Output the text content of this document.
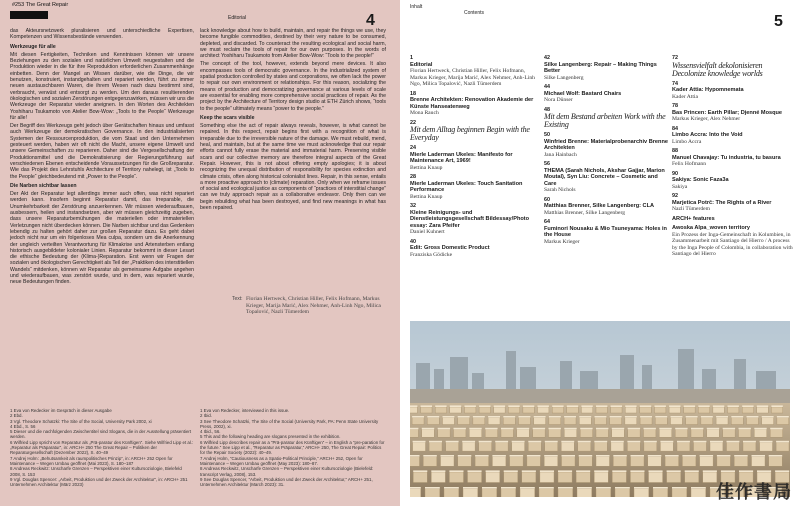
#253 The Great Repair
Editorial	4

das Akteursnetzwerk pluralisieren und unterschiedliche Expertisen, Kompetenzen und Wissensbestände verwenden.

Werkzeuge für alle

Mit diesen Fertigkeiten, Techniken und Kenntnissen können wir unsere Beziehungen zu den sozialen und natürlichen Umwelt neugestalten und die Produktion wieder in die für ihre Reproduktion erforderlichen Zusammenhänge einbetten. Denn der Mangel an Wissen darüber, wie die Dinge, die wir benutzen, konstruiert, instandgehalten und repariert werden, führt zu immer neuen austauschbaren Waren, die ihrem Wesen nach dazu bestimmt sind, verbraucht, verwüst und entsorgt zu werden. Um den daraus resultierenden ökologischen und sozialen Zerstörungen entgegenzuwirken, müssen wir uns die Werkzeuge der Reparatur wieder aneignen. In den Worten des Architekten Yoshiharu Tsukamoto von Atelier Bow-Wow: „Tools to the People“ Werkzeuge für alle!

Der Begriff des Werkzeugs geht jedoch über Gerätschaften hinaus und umfasst auch Werkzeuge der demokratischen Governance. In den industrialisierten Systemen der Ressourcenproduktion, die vom Staat und den Unternehmen gesteuert werden, haben wir oft nicht die Macht, unsere eigene Umwelt und unsere Gemeinschaften zu reparieren. Daher sind die Vergesellschaftung der Produktionsmittel und die Demokratisierung der Regierungsführung auf verschiedenen Ebenen entscheidende Voraussetzungen für die Großreparatur. Wie das Projekt des Lehrstuhls Architecture of Territory nahelegt, ist „Tools to the People“ gleichbedeutend mit „Power to the People“.

Die Narben sichtbar lassen

Der Akt der Reparatur legt allerdings immer auch offen, was nicht repariert werden kann. Insofern beginnt Reparatur damit, das Irreparable, die Unumkehrbarkeit der Zerstörung anzuerkennen. Wir müssen wiederaufbauen, ausbessern, heilen und instandsetzen, aber wir müssen gleichzeitig zugeben, dass unsere Reparaturbemühungen die materiellen oder immateriellen Verletzungen nicht überdecken können. Die Narben sichtbar und das Gedenken lebendig zu halten gehört daher zur großen Reparatur dazu. Es geht dabei jedoch nicht nur um ein folgenloses Mea culpa, sondern um die Anerkennung der ungleich verteilten Verantwortung für Klimakrise und Artensterben entlang historisch ausgebildeter kolonialer Linien. Reparatur bekommt in dieser Lesart die ethische Bedeutung der (Klima-)Reparation. Erst wenn wir Fragen der sozialen und ökologischen Gerechtigkeit als Teil der „Praktiken des interstitiellen Wandels“ mitdenken, können wir Reparatur als gemeinsame Aufgabe angehen und wiederaufbauen, was zerstört wurde, und in dem, was repariert wurde, neue Bedeutungen finden.

lack knowledge about how to build, maintain, and repair the things we use, they become fungible commodities, destined by their very nature to be consumed, depleted, and discarded. To counteract the resulting ecological and social harm, we must reclaim the tools of repair for our own purposes. In the words of architect Yoshiharu Tsukamoto from Atelier Bow-Wow: “Tools to the people!”

The concept of the tool, however, extends beyond mere devices. It also encompasses tools of democratic governance. In the industrialized system of spatial production controlled by states and corporations, we often lack the power to repair our own environment or relationships. For this reason, socializing the means of production and democratizing governance at various levels of scale are essential for enabling more comprehensive social practices of repair. As the project by the Architecture of Territory design studio at ETH Zürich shows, “tools to the people” ultimately means “power to the people.”

Keep the scars visible

Something else the act of repair always reveals, however, is what cannot be repaired. In this respect, repair begins first with a recognition of what is irreparable due to the irreversible nature of the damage. We must rebuild, mend, heal, and maintain, but at the same time we must acknowledge that our repair efforts cannot fully erase the material and immaterial harm. Preserving visible scars and our collective memory are therefore integral aspects of the Great Repair. However, this is not about offering empty apologies; it is about recognizing the unequal distribution of responsibility for species extinction and climate crisis, often along historical colonialist lines. Repair, in this sense, entails a more proactive approach to (climate) reparation. Only when we reframe issues of social and ecological justice as components of “practices of interstitial change” can we truly approach repair as a collaborative endeavor. Only then can we begin rebuilding what has been destroyed, and find new meanings in what has been repaired.

Text: Florian Hertweck, Christian Hiller, Felix Hofmann, Markus Krieger, Marija Marić, Alex Nehmer, Anh-Linh Ngo, Milica Topalović, Nazli Tümerdem
1 Eva von Redecker im Gespräch in dieser Ausgabe
2 Ebd.
3 Vgl. Theodore Schatzki: The Site of the Social, University Park 2002, xi
4 Ebd., S. 56
5 Dieser und die nachfolgenden Zwischentitel sind Slogans, die in der Ausstellung präsentiert werden.
6 Wilfried Lipp spricht von Reparatur als „Prä-paratur des Künftigen“. Siehe Wilfried Lipp et al.: „Reparatur als Präparatur“, in: ARCH+ 250 The Great Repair – Politiken der Reparaturgesellschaft (Dezember 2022), S. 40–49
7 Andrej Holm: „Behutsamkeit als raumpolitisches Prinzip“, in: ARCH+ 252 Open for Maintenance – Wegen Umbau geöffnet (Mai 2023), S. 180–187
8 Andreas Reckwitz: Unscharfe Grenzen – Perspektiven einer Kultursoziologie, Bielefeld 2008, S. 153
9 Vgl. Douglas Spencer: „Arbeit, Produktion und der Zweck der Architektur“, in: ARCH+ 251 Unternehmen Architektur (März 2023)
1 Eva von Redecker, interviewed in this issue.
2 Ibid.
3 See Theodore Schatzki, The Site of the Social (University Park, PA: Penn State University Press, 2002), xi.
4 Ibid., 56.
5 This and the following heading are slogans presented in the exhibition.
6 Wilfried Lipp describes repair as a “Prä-paratur des Künftigen” – in English a “pre-paration for the future.” See Lipp et al., “Reparatur as Präparatur,” ARCH+ 250, The Great Repair: Politics for the Repair Society (2022): 40–49.
7 Andrej Holm, “Cautiousness as a Spatio-Political Principle,” ARCH+ 252, Open for Maintenance – Wegen Umbau geöffnet (May 2023): 180–87.
8 Andreas Reckwitz, Unscharfe Grenzen – Perspektiven einer Kultursoziologie (Bielefeld: transcript Verlag, 2008), 153.
9 See Douglas Spencer, “Arbeit, Produktion und der Zweck der Architektur,” ARCH+ 251, Unternehmen Architektur (March 2023): 31.
Inhalt
Contents	5
1
Editorial
Florian Hertweck, Christian Hiller, Felix Hofmann, Markus Krieger, Marija Marić, Alex Nehmer, Anh-Linh Ngo, Milica Topalović, Nazli Tümerdem
18
Brenne Architekten: Renovation Akademie der Künste Hanseatenweg
Mona Rauch
22
Mit dem Alltag beginnen Begin with the Everyday
24
Mierle Laderman Ukeles: Manifesto for Maintenance Art, 1969!
Bettina Knaup
28
Mierle Laderman Ukeles: Touch Sanitation Performance
Bettina Knaup
32
Kleine Reinigungs- und Dienstleistungsgesellschaft Bildessay/Photo essay: Zara Pfeifer
Daniel Kuhnert
40
Edit: Gross Domestic Product
Franziska Gödicke
42
Silke Langenberg: Repair – Making Things Better
Silke Langenberg
44
Michael Wolf: Bastard Chairs
Nora Dünser
48
Mit dem Bestand arbeiten Work with the Existing
50
Winfried Brenne: Materialprobenarchiv Brenne Architekten
Jana Hainbach
56
THEMA (Sarah Nichols, Akshar Gajjar, Marion Moutal), Syn Liu: Concrete – Cosmetic and Care
Sarah Nichols
60
Matthias Brenner, Silke Langenberg: CLA
Matthias Brenner, Silke Langenberg
64
Fuminori Nousaku & Mio Tsuneyama: Holes in the House
Markus Krieger
72
Wissensvielfalt dekolonisieren Decolonize knowledge worlds
74
Kader Attia: Hypomnemata
Kader Attia
78
Bas Princen: Earth Pillar; Djenné Mosque
Markus Krieger, Alex Nehmer
84
Limbo Accra: Into the Void
Limbo Accra
88
Manuel Chavajay: Tu industria, tu basura
Felix Hofmann
90
Sakiya: Sonic Faza3a
Sakiya
92
Marjetica Potrč: The Rights of a River
Nazli Tümerdem
ARCH+ features
Awoska Alpa_woven territory
Ein Prozess der Inga-Gemeinschaft in Kolumbien, in Zusammenarbeit mit Santiago del Hierro / A process by the Inga People of Colombia, in collaboration with Santiago del Hierro
佳作書局
